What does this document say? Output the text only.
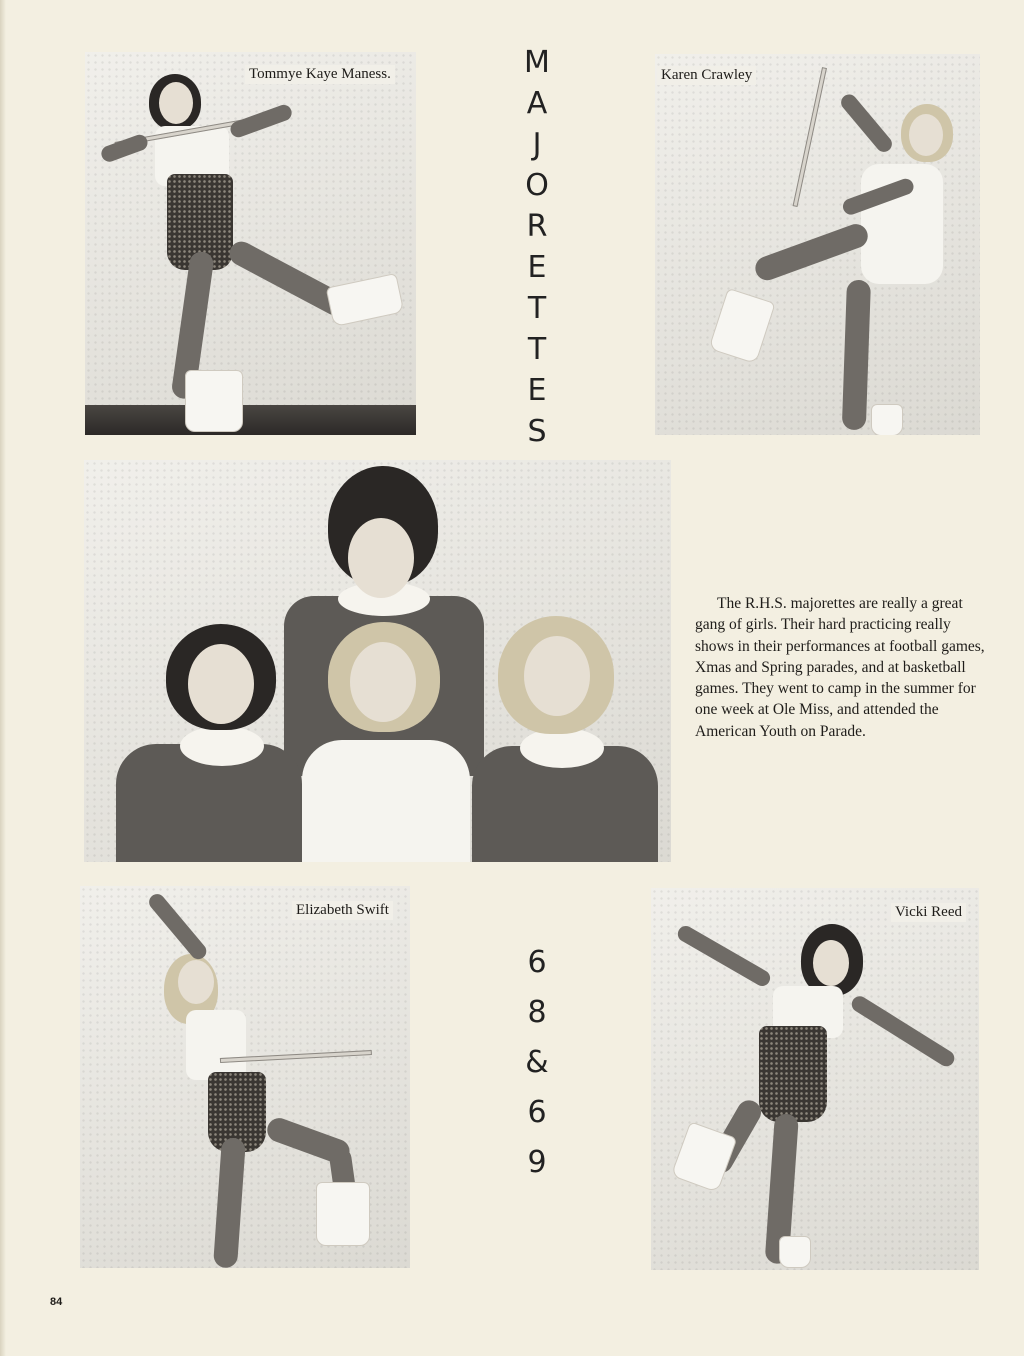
Tommye Kaye Maness.	M
A
J
O
R
E
T
T
E
S
Karen Crawley

The R.H.S. majorettes are really a great gang of girls. Their hard practicing really shows in their performances at football games, Xmas and Spring parades, and at basketball games. They went to camp in the summer for one week at Ole Miss, and attended the American Youth on Parade.

Elizabeth Swift
6
8
&
6
9
Vicki Reed
84
